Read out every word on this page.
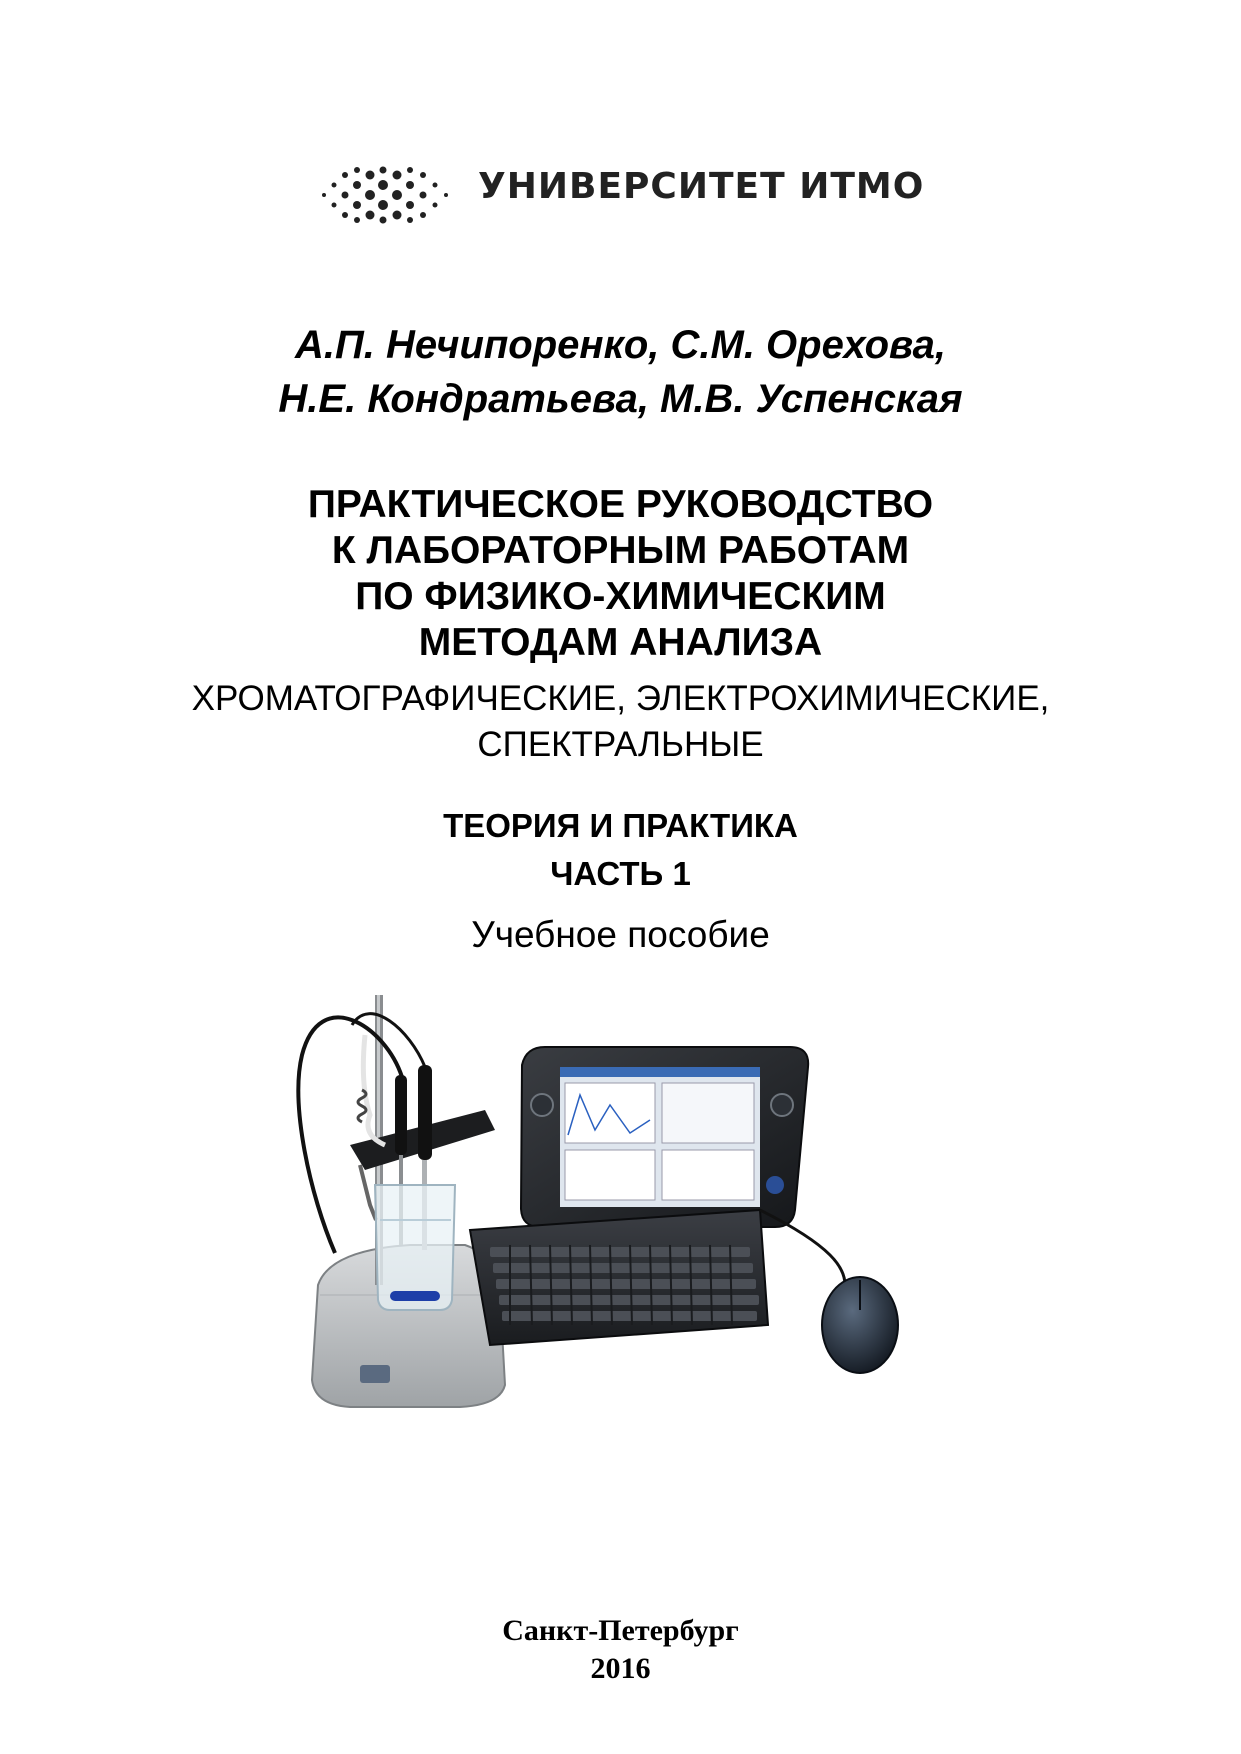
УНИВЕРСИТЕТ ИТМО
А.П. Нечипоренко, С.М. Орехова,
Н.Е. Кондратьева, М.В. Успенская
ПРАКТИЧЕСКОЕ РУКОВОДСТВО
К ЛАБОРАТОРНЫМ РАБОТАМ
ПО ФИЗИКО-ХИМИЧЕСКИМ
МЕТОДАМ АНАЛИЗА
ХРОМАТОГРАФИЧЕСКИЕ, ЭЛЕКТРОХИМИЧЕСКИЕ,
СПЕКТРАЛЬНЫЕ
ТЕОРИЯ И ПРАКТИКА
ЧАСТЬ 1
Учебное пособие
Санкт-Петербург
2016
